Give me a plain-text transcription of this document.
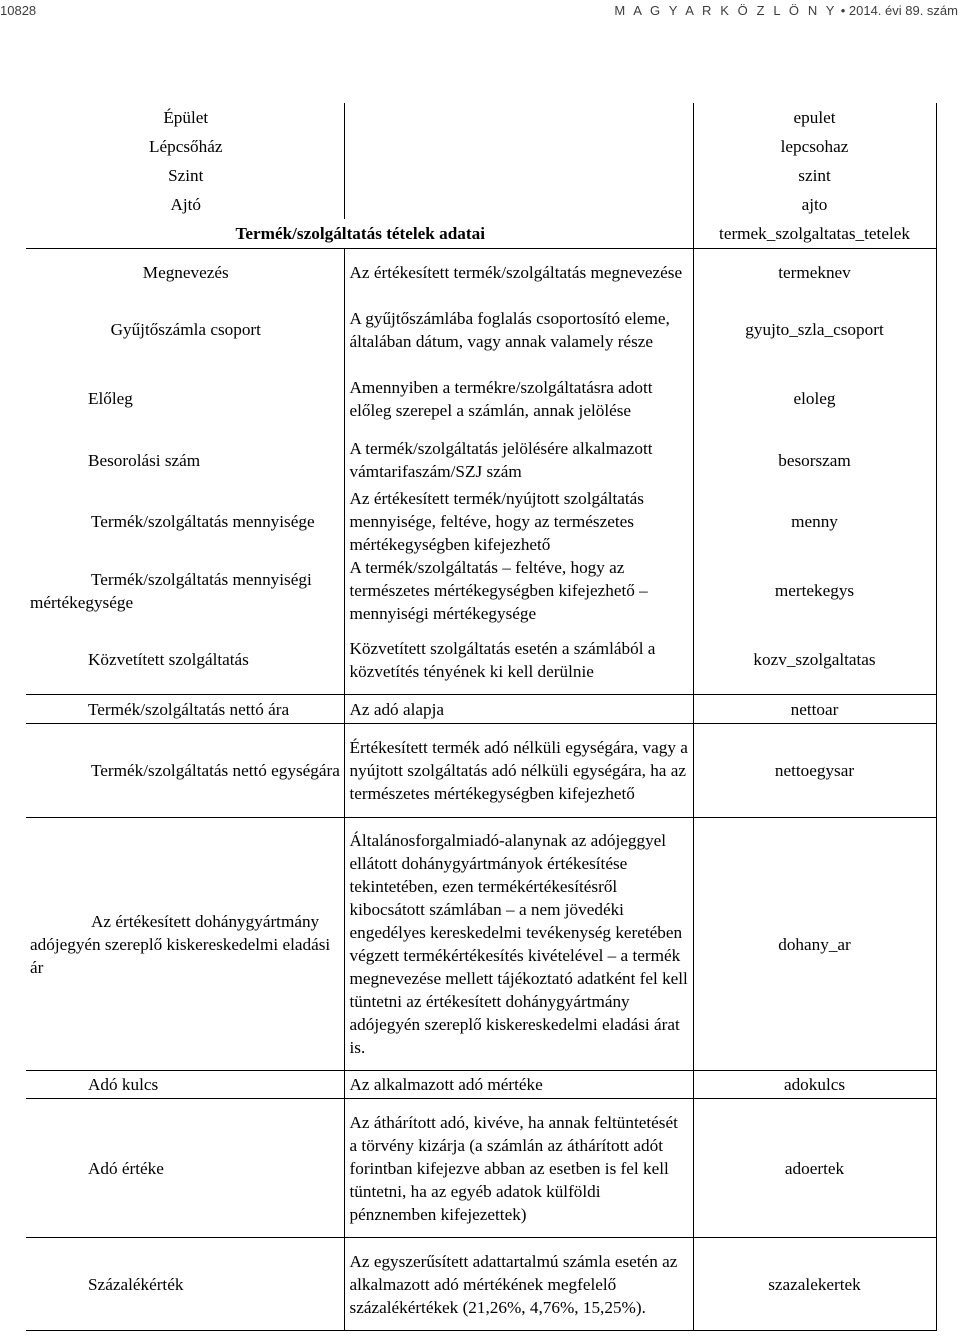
10828	M A G Y A R K Ö Z L Ö N Y • 2014. évi 89. szám
Épület		epulet
Lépcsőház		lepcsohaz
Szint		szint
Ajtó		ajto
Termék/szolgáltatás tételek adatai		termek_szolgaltatas_tetelek
Megnevezés	Az értékesített termék/szolgáltatás megnevezése	termeknev
Gyűjtőszámla csoport	A gyűjtőszámlába foglalás csoportosító eleme, általában dátum, vagy annak valamely része	gyujto_szla_csoport
Előleg	Amennyiben a termékre/szolgáltatásra adott előleg szerepel a számlán, annak jelölése	eloleg
Besorolási szám	A termék/szolgáltatás jelölésére alkalmazott vámtarifaszám/SZJ szám	besorszam
Termék/szolgáltatás mennyisége	Az értékesített termék/nyújtott szolgáltatás mennyisége, feltéve, hogy az természetes mértékegységben kifejezhető	menny
Termék/szolgáltatás mennyiségi mértékegysége	A termék/szolgáltatás – feltéve, hogy az természetes mértékegységben kifejezhető – mennyiségi mértékegysége	mertekegys
Közvetített szolgáltatás	Közvetített szolgáltatás esetén a számlából a közvetítés tényének ki kell derülnie	kozv_szolgaltatas
Termék/szolgáltatás nettó ára	Az adó alapja	nettoar
Termék/szolgáltatás nettó egységára	Értékesített termék adó nélküli egységára, vagy a nyújtott szolgáltatás adó nélküli egységára, ha az természetes mértékegységben kifejezhető	nettoegysar
Az értékesített dohánygyártmány adójegyén szereplő kiskereskedelmi eladási ár	Általánosforgalmiadó-alanynak az adójeggyel ellátott dohánygyártmányok értékesítése tekintetében, ezen termékértékesítésről kibocsátott számlában – a nem jövedéki engedélyes kereskedelmi tevékenység keretében végzett termékértékesítés kivételével – a termék megnevezése mellett tájékoztató adatként fel kell tüntetni az értékesített dohánygyártmány adójegyén szereplő kiskereskedelmi eladási árat is.	dohany_ar
Adó kulcs	Az alkalmazott adó mértéke	adokulcs
Adó értéke	Az áthárított adó, kivéve, ha annak feltüntetését a törvény kizárja (a számlán az áthárított adót forintban kifejezve abban az esetben is fel kell tüntetni, ha az egyéb adatok külföldi pénznemben kifejezettek)	adoertek
Százalékérték	Az egyszerűsített adattartalmú számla esetén az alkalmazott adó mértékének megfelelő százalékértékek (21,26%, 4,76%, 15,25%).	szazalekertek
